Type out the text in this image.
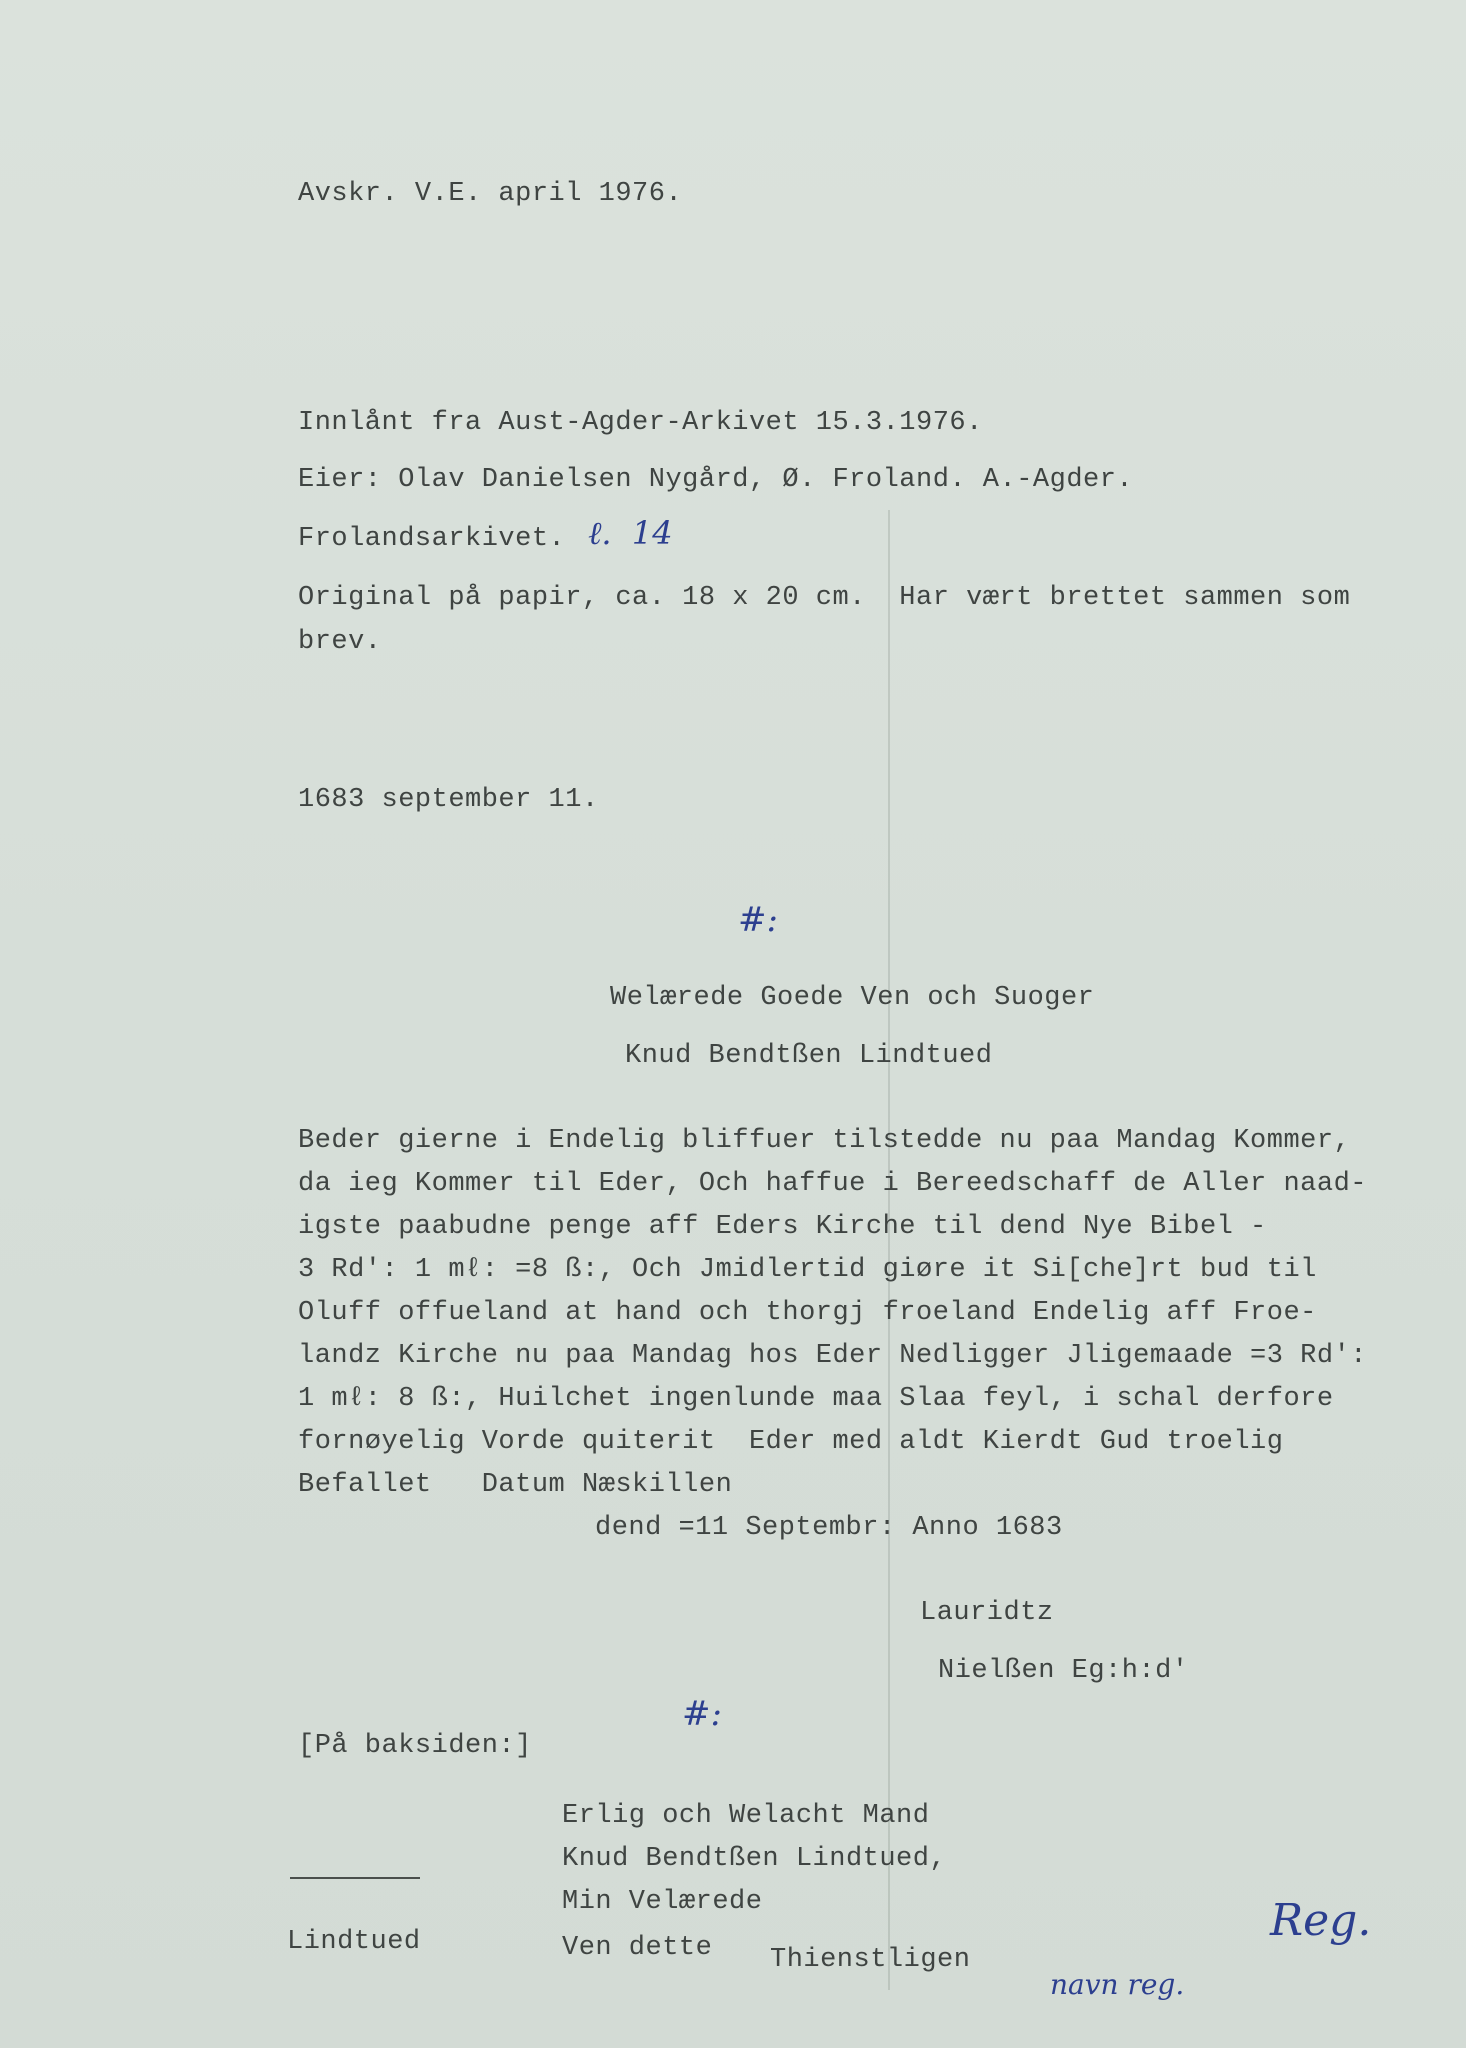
Avskr. V.E. april 1976.
Innlånt fra Aust-Agder-Arkivet 15.3.1976.
Eier: Olav Danielsen Nygård, Ø. Froland. A.-Agder.
Frolandsarkivet. ℓ.  14
Original på papir, ca. 18 x 20 cm.  Har vært brettet sammen som
brev.
1683 september 11.
#:
Welærede Goede Ven och Suoger
Knud Bendtßen Lindtued
Beder gierne i Endelig bliffuer tilstedde nu paa Mandag Kommer,
da ieg Kommer til Eder, Och haffue i Bereedschaff de Aller naad-
igste paabudne penge aff Eders Kirche til dend Nye Bibel -
3 Rd': 1 mℓ: =8 ß:, Och Jmidlertid giøre it Si[che]rt bud til
Oluff offueland at hand och thorgj froeland Endelig aff Froe-
landz Kirche nu paa Mandag hos Eder Nedligger Jligemaade =3 Rd':
1 mℓ: 8 ß:, Huilchet ingenlunde maa Slaa feyl, i schal derfore
fornøyelig Vorde quiterit  Eder med aldt Kierdt Gud troelig
Befallet   Datum Næskillen
dend =11 Septembr: Anno 1683
Lauridtz
Nielßen Eg:h:d'
#:
[På baksiden:]
Erlig och Welacht Mand
Knud Bendtßen Lindtued,
Min Velærede
Ven dette Thienstligen
Lindtued	Reg.
navn reg.
